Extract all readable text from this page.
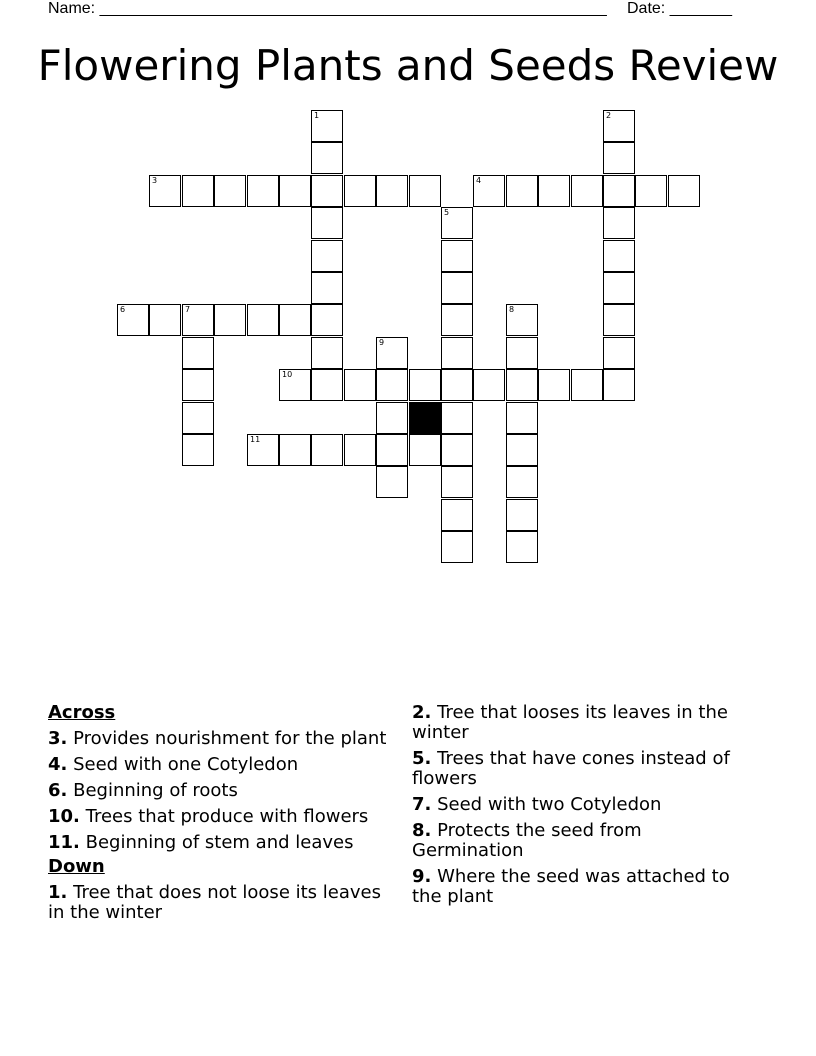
Name: _________________________________________________________ Date: _______
Flowering Plants and Seeds Review
1	2
3	4
5
6	7	8
9
10
11
Across
3. Provides nourishment for the plant
4. Seed with one Cotyledon
6. Beginning of roots
10. Trees that produce with flowers
11. Beginning of stem and leaves
Down
1. Tree that does not loose its leaves in the winter
2. Tree that looses its leaves in the winter
5. Trees that have cones instead of flowers
7. Seed with two Cotyledon
8. Protects the seed from Germination
9. Where the seed was attached to the plant
